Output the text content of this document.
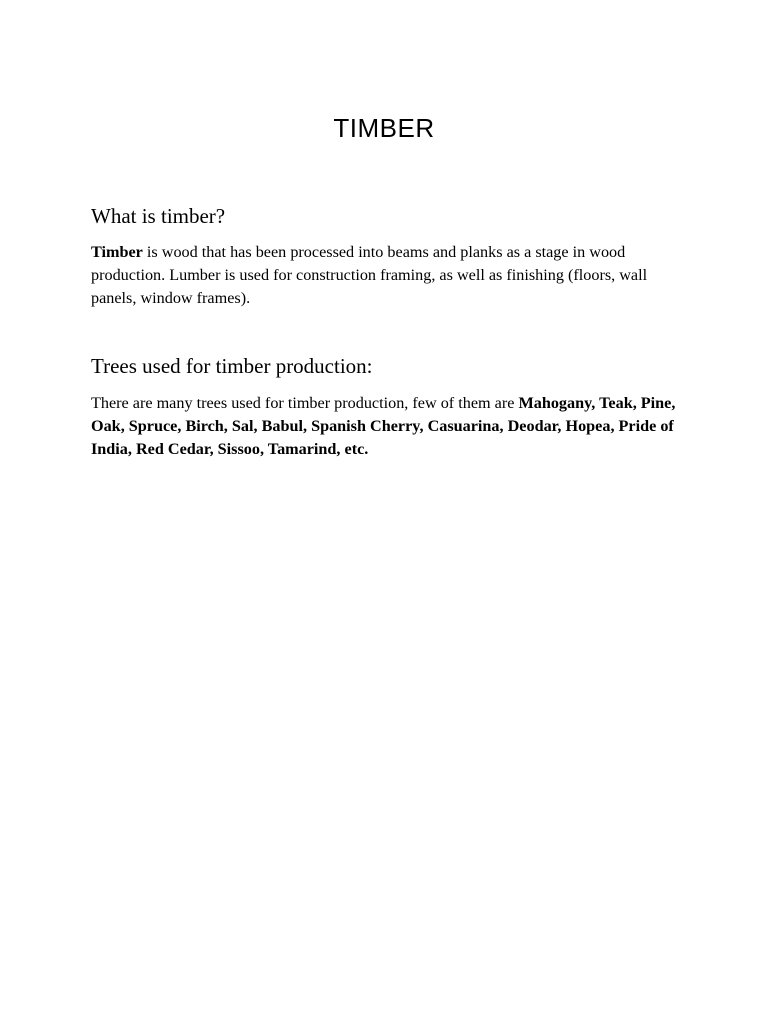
TIMBER
What is timber?

Timber is wood that has been processed into beams and planks as a stage in wood production. Lumber is used for construction framing, as well as finishing (floors, wall panels, window frames).

Trees used for timber production:

There are many trees used for timber production, few of them are Mahogany, Teak, Pine, Oak, Spruce, Birch, Sal, Babul, Spanish Cherry, Casuarina, Deodar, Hopea, Pride of India, Red Cedar, Sissoo, Tamarind, etc.
